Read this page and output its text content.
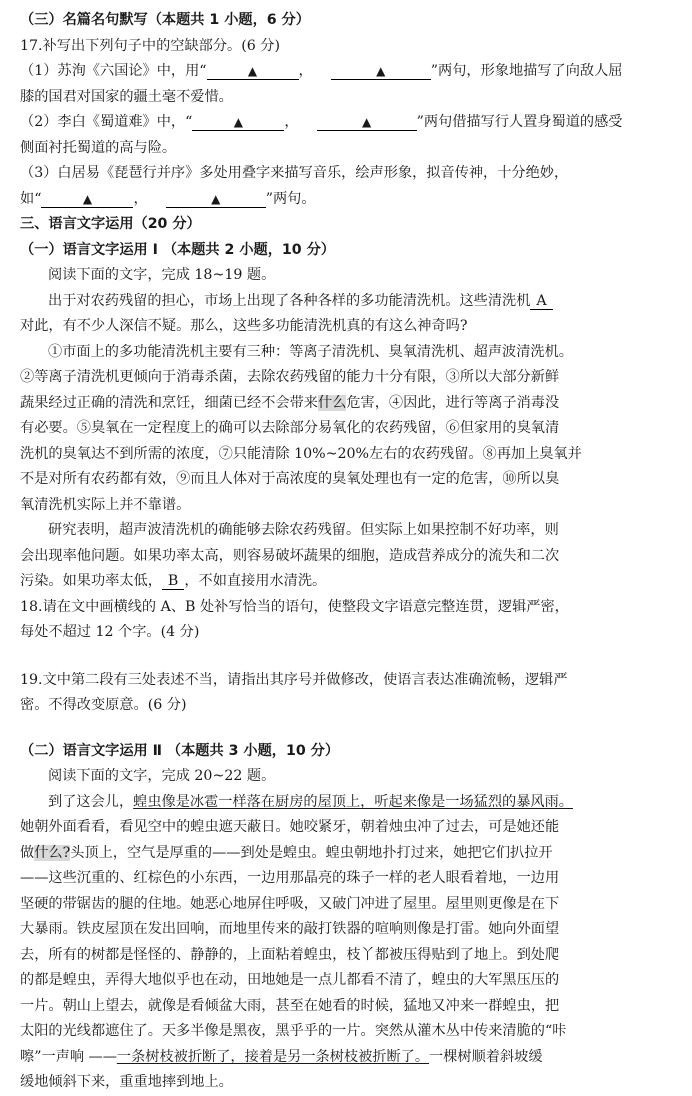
（三）名篇名句默写（本题共 1 小题，6 分）
17.补写出下列句子中的空缺部分。(6 分)
（1）苏洵《六国论》中，用“	▲	，	▲	”两句，形象地描写了向敌人屈
膝的国君对国家的疆土毫不爱惜。
（2）李白《蜀道难》中，“	▲	，	▲	”两句借描写行人置身蜀道的感受
侧面衬托蜀道的高与险。
（3）白居易《琵琶行并序》多处用叠字来描写音乐，绘声形象，拟音传神，十分绝妙，
如“	▲	，	▲	”两句。
三、语言文字运用（20 分）
（一）语言文字运用 Ⅰ （本题共 2 小题，10 分）
阅读下面的文字，完成 18~19 题。
出于对农药残留的担心，市场上出现了各种各样的多功能清洗机。这些清洗机 A
对此，有不少人深信不疑。那么，这些多功能清洗机真的有这么神奇吗?
①市面上的多功能清洗机主要有三种：等离子清洗机、臭氧清洗机、超声波清洗机。
②等离子清洗机更倾向于消毒杀菌，去除农药残留的能力十分有限，③所以大部分新鲜
蔬果经过正确的清洗和烹饪，细菌已经不会带来什么危害，④因此，进行等离子消毒没
有必要。⑤臭氧在一定程度上的确可以去除部分易氧化的农药残留，⑥但家用的臭氧清
洗机的臭氧达不到所需的浓度，⑦只能清除 10%~20%左右的农药残留。⑧再加上臭氧并
不是对所有农药都有效，⑨而且人体对于高浓度的臭氧处理也有一定的危害，⑩所以臭
氧清洗机实际上并不靠谱。
研究表明，超声波清洗机的确能够去除农药残留。但实际上如果控制不好功率，则
会出现率他问题。如果功率太高，则容易破坏蔬果的细胞，造成营养成分的流失和二次
污染。如果功率太低， B ，不如直接用水清洗。
18.请在文中画横线的 A、B 处补写恰当的语句，使整段文字语意完整连贯，逻辑严密，
每处不超过 12 个字。(4 分)
19.文中第二段有三处表述不当，请指出其序号并做修改，使语言表达准确流畅，逻辑严
密。不得改变原意。(6 分)
（二）语言文字运用 Ⅱ （本题共 3 小题，10 分）
阅读下面的文字，完成 20~22 题。
到了这会儿，蝗虫像是冰雹一样落在厨房的屋顶上，听起来像是一场猛烈的暴风雨。
她朝外面看看，看见空中的蝗虫遮天蔽日。她咬紧牙，朝着烛虫冲了过去，可是她还能
做什么?头顶上，空气是厚重的——到处是蝗虫。蝗虫朝地扑打过来，她把它们扒拉开
——这些沉重的、红棕色的小东西，一边用那晶亮的珠子一样的老人眼看着地，一边用
坚硬的带锯齿的腿的住地。她恶心地屏住呼吸，又破门冲进了屋里。屋里则更像是在下
大暴雨。铁皮屋顶在发出回响，而地里传来的敲打铁器的喧响则像是打雷。她向外面望
去，所有的树都是怪怪的、静静的，上面粘着蝗虫，枝丫都被压得贴到了地上。到处爬
的都是蝗虫，弄得大地似乎也在动，田地她是一点儿都看不清了，蝗虫的大军黑压压的
一片。朝山上望去，就像是看倾盆大雨，甚至在她看的时候，猛地又冲来一群蝗虫，把
太阳的光线都遮住了。天多半像是黑夜，黑乎乎的一片。突然从灌木丛中传来清脆的“咔
嚓”一声响 ——一条树枝被折断了，接着是另一条树枝被折断了。一棵树顺着斜坡缓
缓地倾斜下来，重重地摔到地上。
